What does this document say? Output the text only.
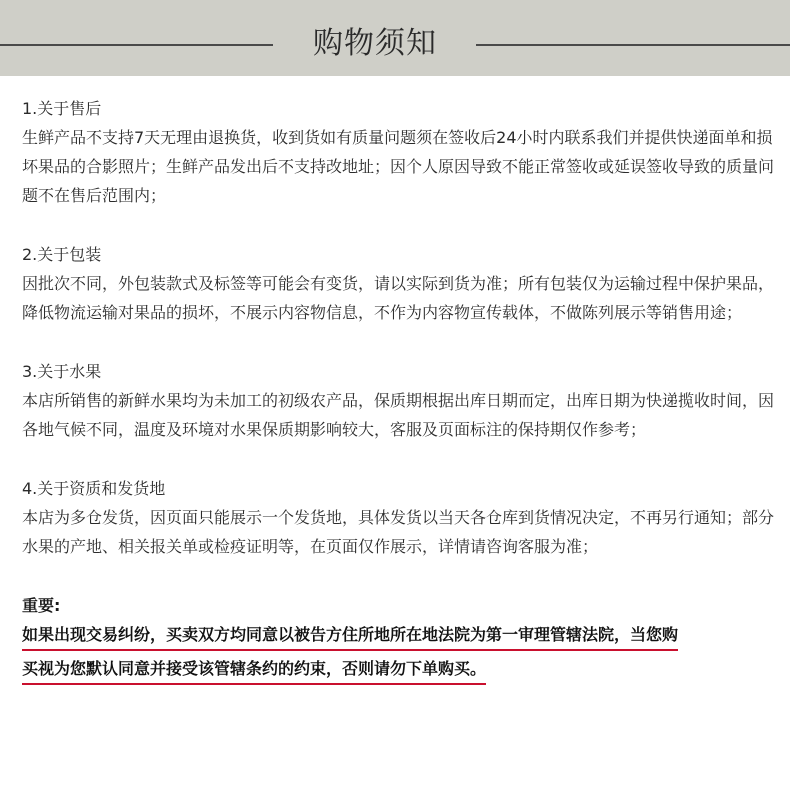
购物须知
1.关于售后
生鲜产品不支持7天无理由退换货，收到货如有质量问题须在签收后24小时内联系我们并提供快递面单和损坏果品的合影照片；生鲜产品发出后不支持改地址；因个人原因导致不能正常签收或延误签收导致的质量问题不在售后范围内；
2.关于包装
因批次不同，外包装款式及标签等可能会有变货，请以实际到货为准；所有包装仅为运输过程中保护果品，降低物流运输对果品的损坏，不展示内容物信息，不作为内容物宣传载体，不做陈列展示等销售用途；
3.关于水果
本店所销售的新鲜水果均为未加工的初级农产品，保质期根据出库日期而定，出库日期为快递揽收时间，因各地气候不同，温度及环境对水果保质期影响较大，客服及页面标注的保持期仅作参考；
4.关于资质和发货地
本店为多仓发货，因页面只能展示一个发货地，具体发货以当天各仓库到货情况决定，不再另行通知；部分水果的产地、相关报关单或检疫证明等，在页面仅作展示，详情请咨询客服为准；
重要:
如果出现交易纠纷，买卖双方均同意以被告方住所地所在地法院为第一审理管辖法院，当您购
买视为您默认同意并接受该管辖条约的约束，否则请勿下单购买。
